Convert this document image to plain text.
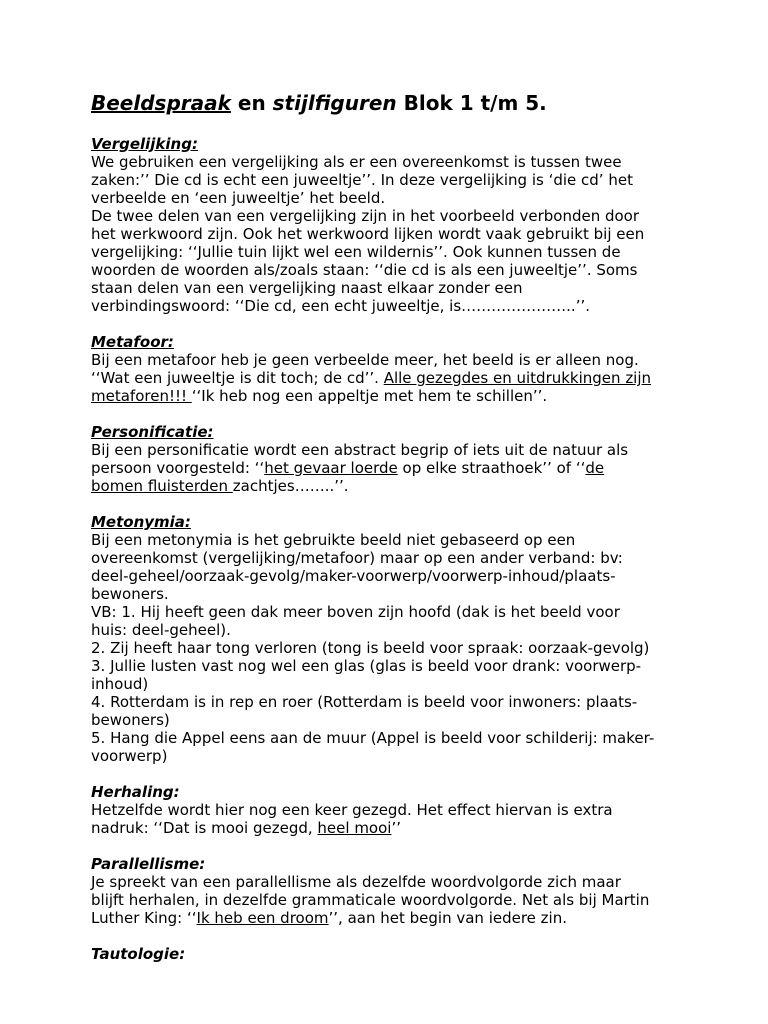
Beeldspraak en stijlfiguren Blok 1 t/m 5.
Vergelijking:
We gebruiken een vergelijking als er een overeenkomst is tussen twee
zaken:’’ Die cd is echt een juweeltje’’. In deze vergelijking is ‘die cd’ het
verbeelde en ‘een juweeltje’ het beeld.
De twee delen van een vergelijking zijn in het voorbeeld verbonden door
het werkwoord zijn. Ook het werkwoord lijken wordt vaak gebruikt bij een
vergelijking: ‘‘Jullie tuin lijkt wel een wildernis’’. Ook kunnen tussen de
woorden de woorden als/zoals staan: ‘‘die cd is als een juweeltje’’. Soms
staan delen van een vergelijking naast elkaar zonder een
verbindingswoord: ‘‘Die cd, een echt juweeltje, is…………………..’’.
Metafoor:
Bij een metafoor heb je geen verbeelde meer, het beeld is er alleen nog.
‘‘Wat een juweeltje is dit toch; de cd’’. Alle gezegdes en uitdrukkingen zijn
metaforen!!! ‘‘Ik heb nog een appeltje met hem te schillen’’.
Personificatie:
Bij een personificatie wordt een abstract begrip of iets uit de natuur als
persoon voorgesteld: ‘‘het gevaar loerde op elke straathoek’’ of ‘‘de
bomen fluisterden zachtjes……..’’.
Metonymia:
Bij een metonymia is het gebruikte beeld niet gebaseerd op een
overeenkomst (vergelijking/metafoor) maar op een ander verband: bv:
deel-geheel/oorzaak-gevolg/maker-voorwerp/voorwerp-inhoud/plaats-
bewoners.
VB: 1. Hij heeft geen dak meer boven zijn hoofd (dak is het beeld voor
huis: deel-geheel).
2. Zij heeft haar tong verloren (tong is beeld voor spraak: oorzaak-gevolg)
3. Jullie lusten vast nog wel een glas (glas is beeld voor drank: voorwerp-
inhoud)
4. Rotterdam is in rep en roer (Rotterdam is beeld voor inwoners: plaats-
bewoners)
5. Hang die Appel eens aan de muur (Appel is beeld voor schilderij: maker-
voorwerp)
Herhaling:
Hetzelfde wordt hier nog een keer gezegd. Het effect hiervan is extra
nadruk: ‘‘Dat is mooi gezegd, heel mooi’’
Parallellisme:
Je spreekt van een parallellisme als dezelfde woordvolgorde zich maar
blijft herhalen, in dezelfde grammaticale woordvolgorde. Net als bij Martin
Luther King: ‘‘Ik heb een droom’’, aan het begin van iedere zin.
Tautologie:
